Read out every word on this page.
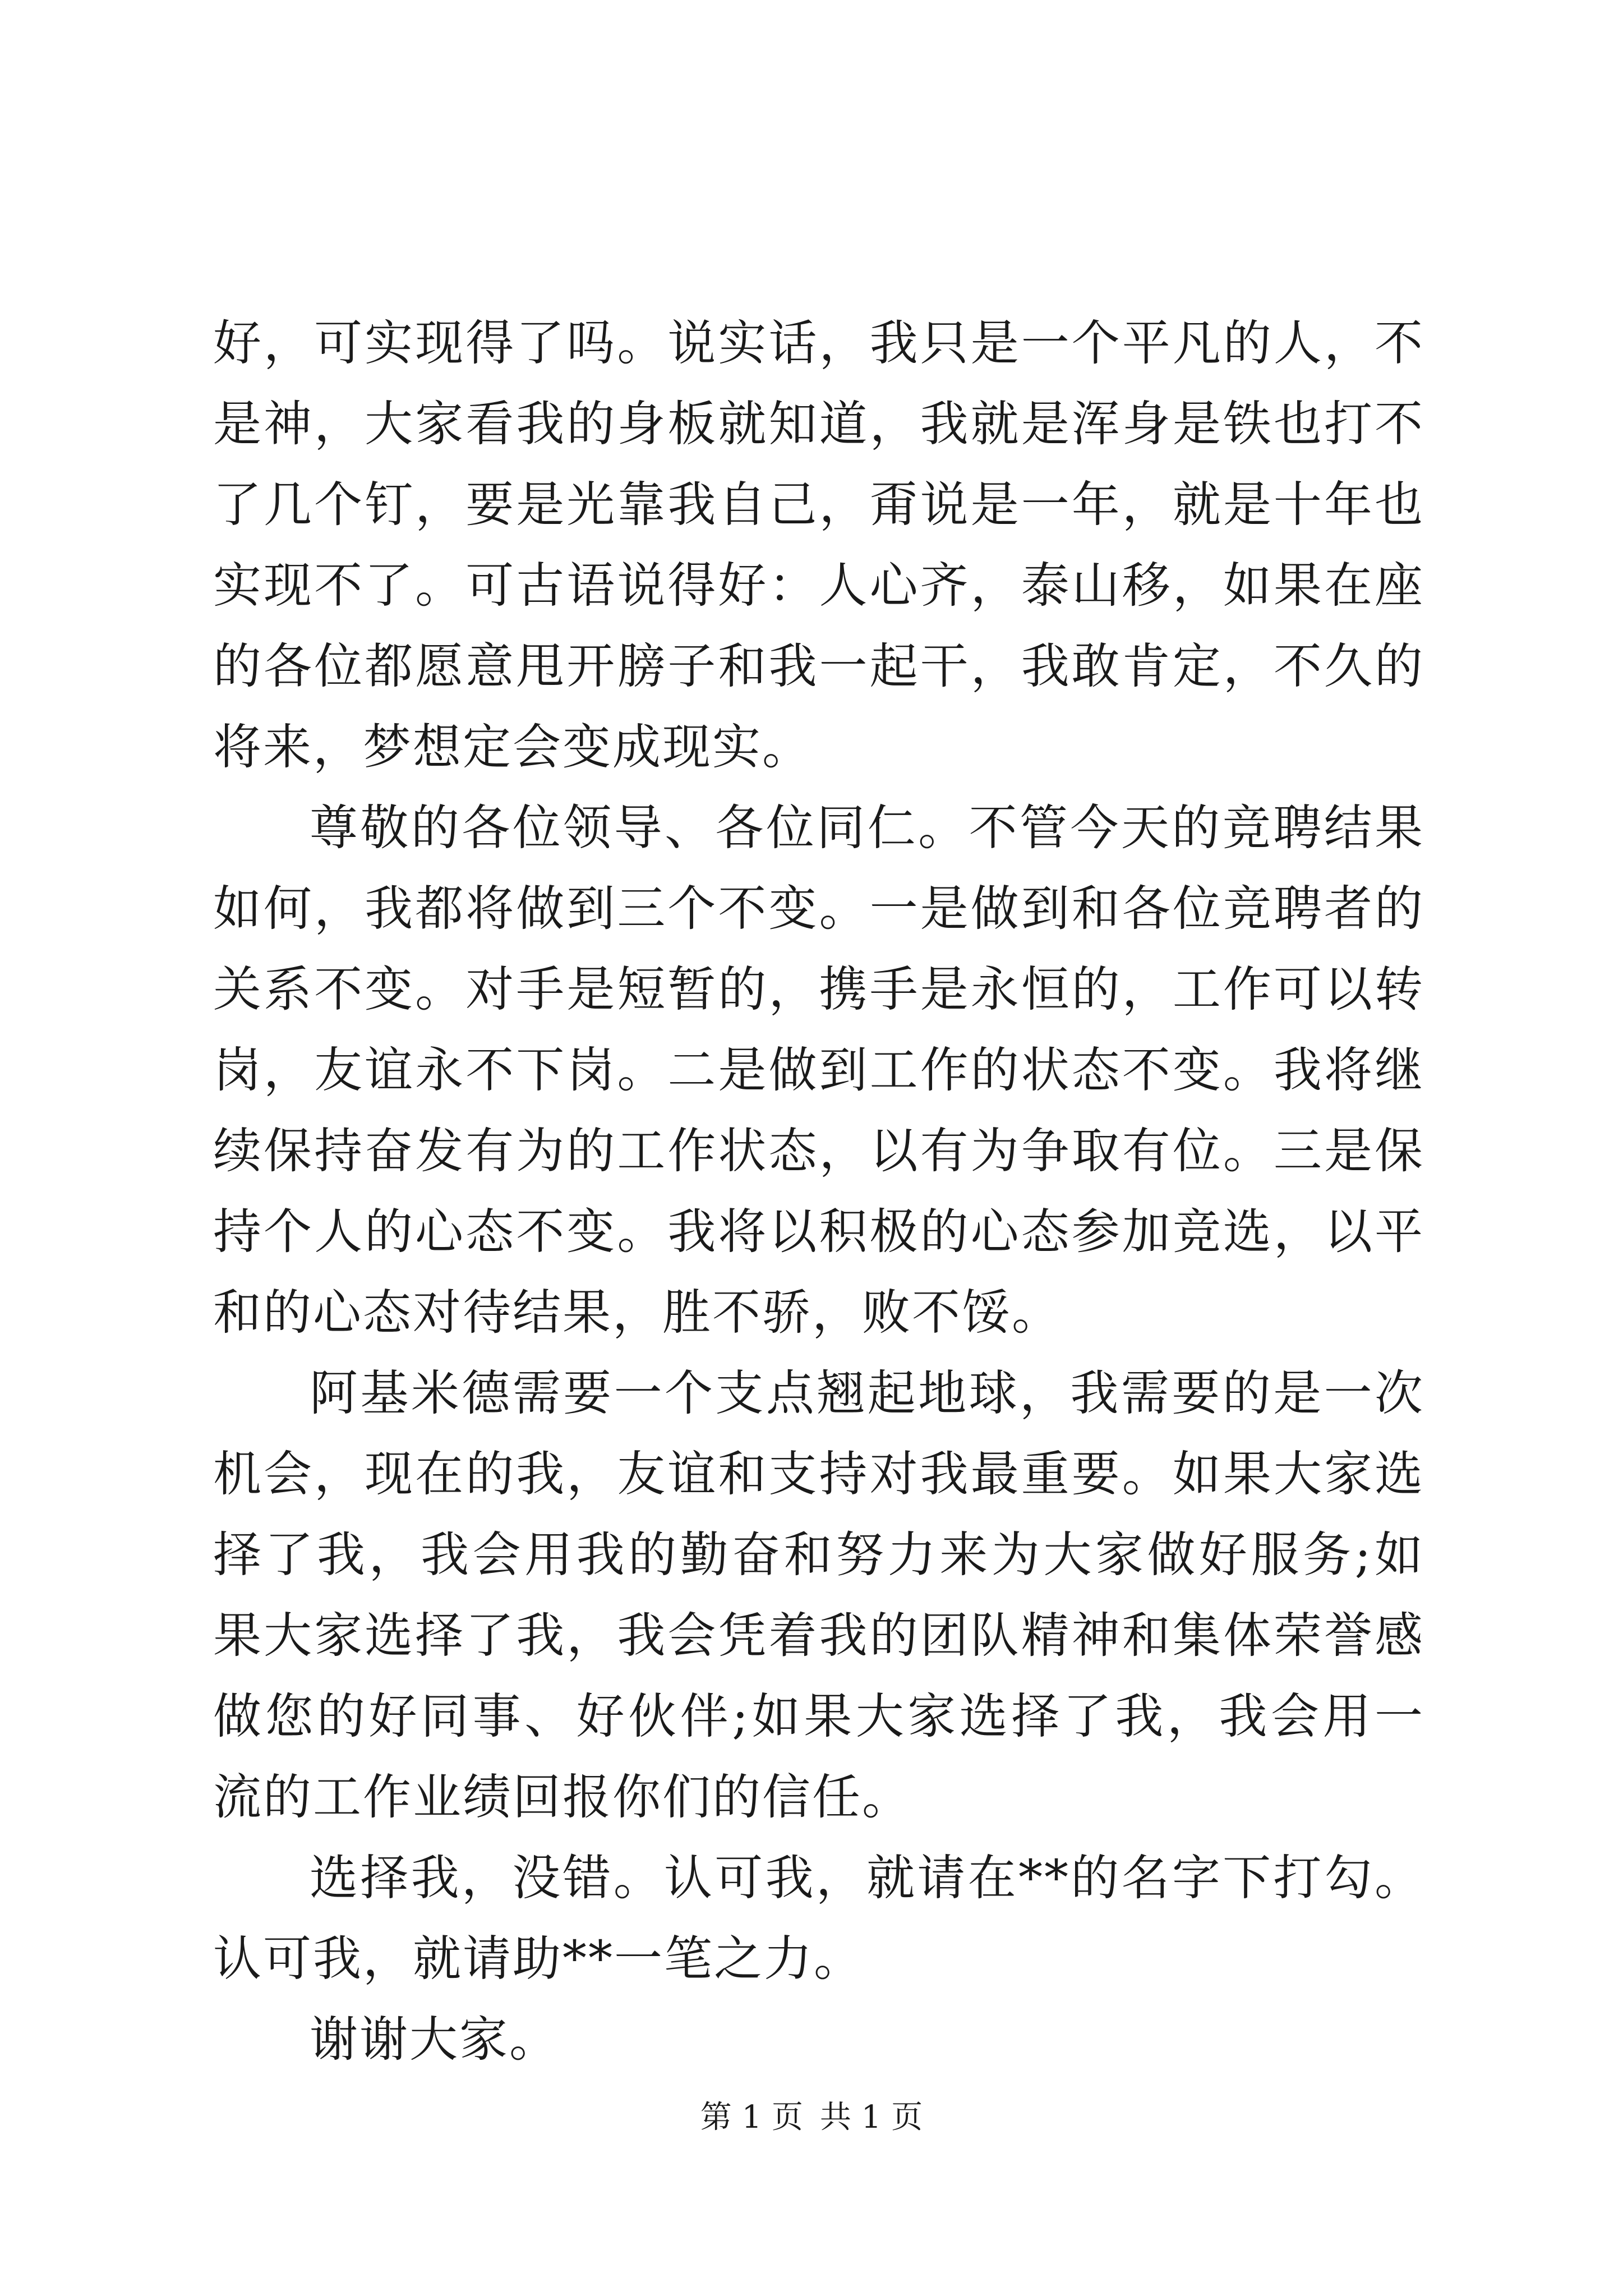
好，可实现得了吗。说实话，我只是一个平凡的人，不是神，大家看我的身板就知道，我就是浑身是铁也打不了几个钉，要是光靠我自己，甭说是一年，就是十年也实现不了。可古语说得好：人心齐，泰山移，如果在座的各位都愿意甩开膀子和我一起干，我敢肯定，不久的将来，梦想定会变成现实。

尊敬的各位领导、各位同仁。不管今天的竞聘结果如何，我都将做到三个不变。一是做到和各位竞聘者的关系不变。对手是短暂的，携手是永恒的，工作可以转岗，友谊永不下岗。二是做到工作的状态不变。我将继续保持奋发有为的工作状态，以有为争取有位。三是保持个人的心态不变。我将以积极的心态参加竞选，以平和的心态对待结果，胜不骄，败不馁。

阿基米德需要一个支点翘起地球，我需要的是一次机会，现在的我，友谊和支持对我最重要。如果大家选择了我，我会用我的勤奋和努力来为大家做好服务;如果大家选择了我，我会凭着我的团队精神和集体荣誉感做您的好同事、好伙伴;如果大家选择了我，我会用一流的工作业绩回报你们的信任。

选择我，没错。认可我，就请在**的名字下打勾。认可我，就请助**一笔之力。

谢谢大家。

第 1 页 共 1 页
